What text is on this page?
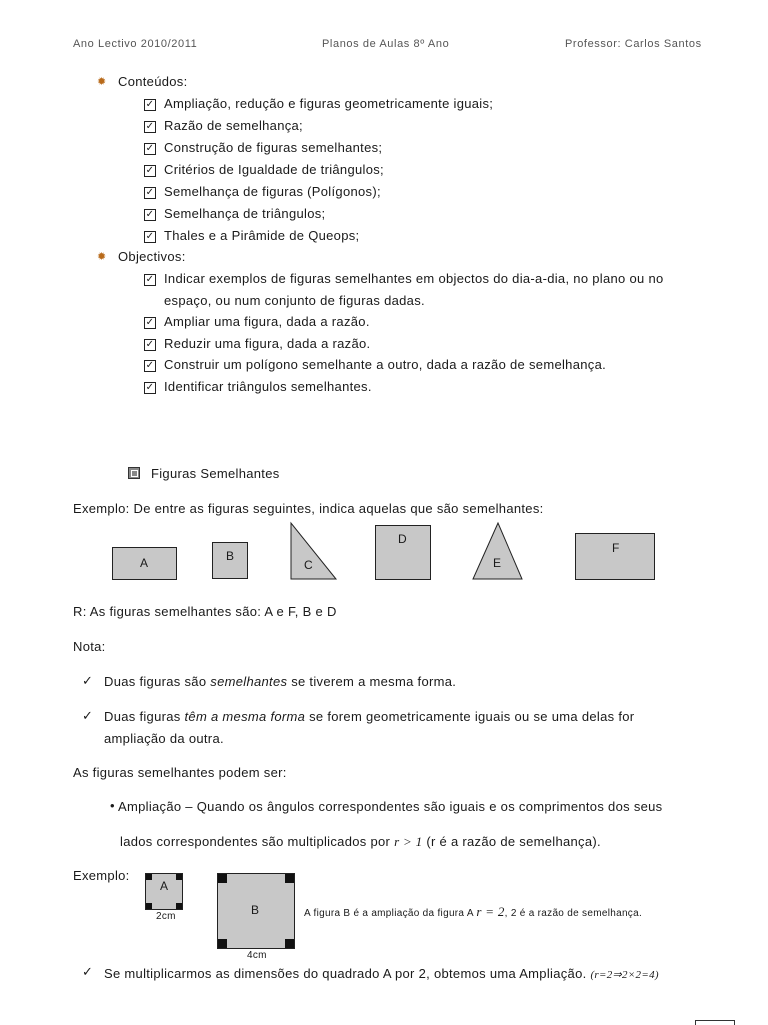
Ano Lectivo 2010/2011	Planos de Aulas 8º Ano	Professor: Carlos Santos
✹ Conteúdos:
✓ Ampliação, redução e figuras geometricamente iguais;
✓ Razão de semelhança;
✓ Construção de figuras semelhantes;
✓ Critérios de Igualdade de triângulos;
✓ Semelhança de figuras (Polígonos);
✓ Semelhança de triângulos;
✓ Thales e a Pirâmide de Queops;
✹ Objectivos:
✓ Indicar exemplos de figuras semelhantes em objectos do dia-a-dia, no plano ou no
espaço, ou num conjunto de figuras dadas.
✓ Ampliar uma figura, dada a razão.
✓ Reduzir uma figura, dada a razão.
✓ Construir um polígono semelhante a outro, dada a razão de semelhança.
✓ Identificar triângulos semelhantes.
Figuras Semelhantes
Exemplo: De entre as figuras seguintes, indica aquelas que são semelhantes:
A	B
C
D
E
F
R: As figuras semelhantes são: A e F, B e D
Nota:
✓ Duas figuras são semelhantes se tiverem a mesma forma.
✓ Duas figuras têm a mesma forma se forem geometricamente iguais ou se uma delas for
ampliação da outra.
As figuras semelhantes podem ser:
• Ampliação – Quando os ângulos correspondentes são iguais e os comprimentos dos seus
lados correspondentes são multiplicados por r > 1 (r é a razão de semelhança).
Exemplo:
A
2cm	B
4cm
A figura B é a ampliação da figura A r = 2, 2 é a razão de semelhança.
✓ Se multiplicarmos as dimensões do quadrado A por 2, obtemos uma Ampliação. (r=2⇒2×2=4)
